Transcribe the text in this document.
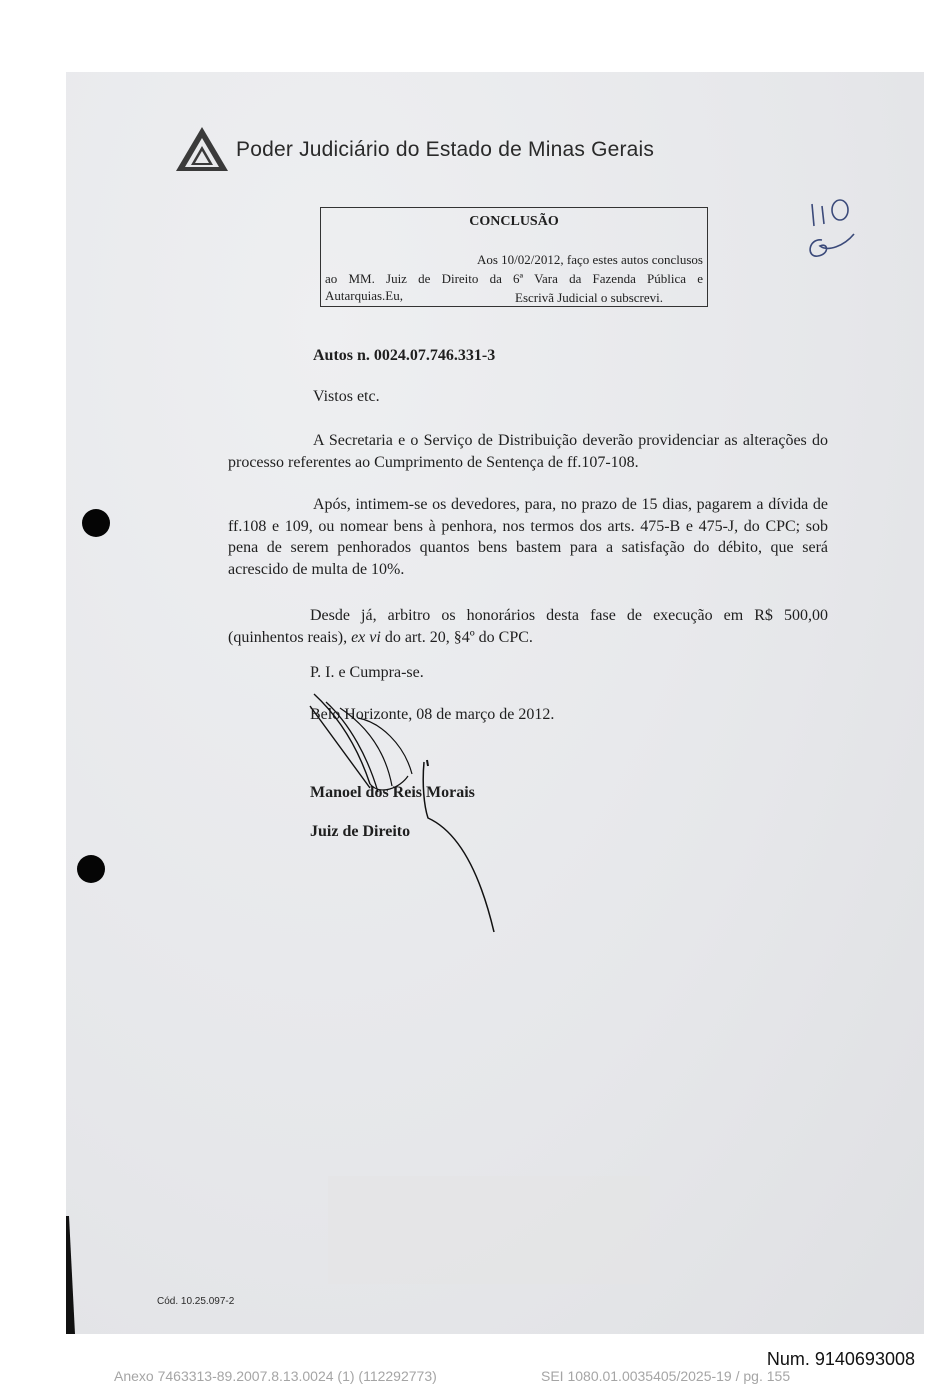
Poder Judiciário do Estado de Minas Gerais
CONCLUSÃO
Aos 10/02/2012, faço estes autos conclusos
ao MM. Juiz de Direito da 6ª Vara da Fazenda Pública e
Autarquias.Eu,	Escrivã Judicial o subscrevi.
Autos n. 0024.07.746.331-3
Vistos etc.

A Secretaria e o Serviço de Distribuição deverão providenciar as alterações do processo referentes ao Cumprimento de Sentença de ff.107-108.

Após, intimem-se os devedores, para, no prazo de 15 dias, pagarem a dívida de ff.108 e 109, ou nomear bens à penhora, nos termos dos arts. 475-B e 475-J, do CPC; sob pena de serem penhorados quantos bens bastem para a satisfação do débito, que será acrescido de multa de 10%.

Desde já, arbitro os honorários desta fase de execução em R$ 500,00 (quinhentos reais), ex vi do art. 20, §4º do CPC.

P. I. e Cumpra-se.
Belo Horizonte, 08 de março de 2012.
Manoel dos Reis Morais
Juiz de Direito
Cód. 10.25.097-2
Num. 9140693008
Anexo 7463313-89.2007.8.13.0024 (1) (112292773)	SEI 1080.01.0035405/2025-19 / pg. 155
